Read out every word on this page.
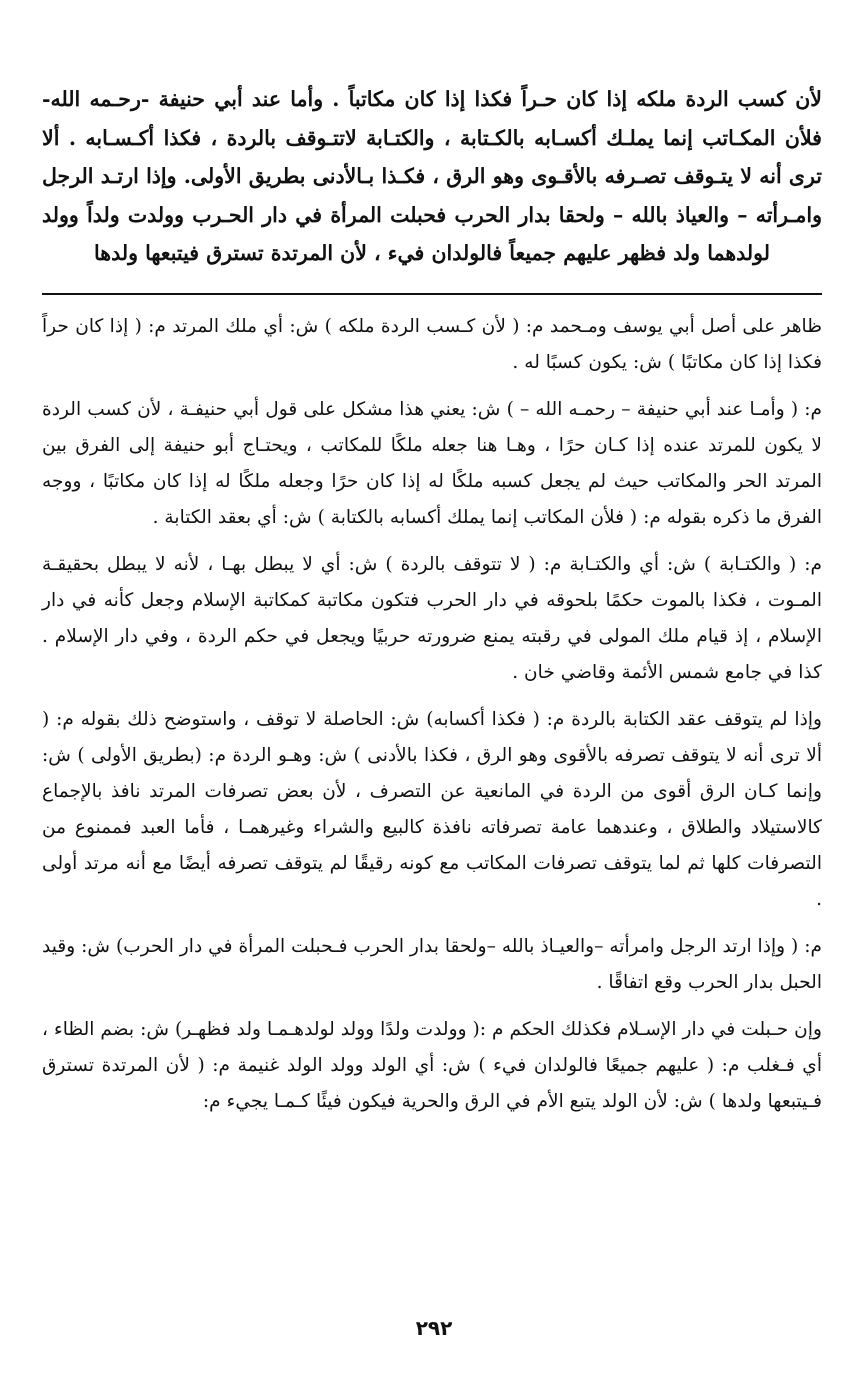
لأن كسب الردة ملكه إذا كان حـراً فكذا إذا كان مكاتباً . وأما عند أبي حنيفة -رحـمه الله- فلأن المكـاتب إنما يملـك أكسـابه بالكـتابة ، والكتـابة لاتتـوقف بالردة ، فكذا أكـسـابه . ألا ترى أنه لا يتـوقف تصـرفه بالأقـوى وهو الرق ، فكـذا بـالأدنى بطريق الأولى. وإذا ارتـد الرجل وامـرأته – والعياذ بالله – ولحقا بدار الحرب فحبلت المرأة في دار الحـرب وولدت ولداً وولد لولدهما ولد فظهر عليهم جميعاً فالولدان فيء ، لأن المرتدة تسترق فيتبعها ولدها

ظاهر على أصل أبي يوسف ومـحمد م: ( لأن كـسب الردة ملكه ) ش: أي ملك المرتد م: ( إذا كان حراً فكذا إذا كان مكاتبًا ) ش: يكون كسبًا له .

م: ( وأمـا عند أبي حنيفة – رحمـه الله – ) ش: يعني هذا مشكل على قول أبي حنيفـة ، لأن كسب الردة لا يكون للمرتد عنده إذا كـان حرًا ، وهـا هنا جعله ملكًا للمكاتب ، ويحتـاج أبو حنيفة إلى الفرق بين المرتد الحر والمكاتب حيث لم يجعل كسبه ملكًا له إذا كان حرًا وجعله ملكًا له إذا كان مكاتبًا ، ووجه الفرق ما ذكره بقوله م: ( فلأن المكاتب إنما يملك أكسابه بالكتابة ) ش: أي بعقد الكتابة .

م: ( والكتـابة ) ش: أي والكتـابة م: ( لا تتوقف بالردة ) ش: أي لا يبطل بهـا ، لأنه لا يبطل بحقيقـة المـوت ، فكذا بالموت حكمًا بلحوقه في دار الحرب فتكون مكاتبة كمكاتبة الإسلام وجعل كأنه في دار الإسلام ، إذ قيام ملك المولى في رقبته يمنع ضرورته حربيًا ويجعل في حكم الردة ، وفي دار الإسلام . كذا في جامع شمس الأئمة وقاضي خان .

وإذا لم يتوقف عقد الكتابة بالردة م: ( فكذا أكسابه) ش: الحاصلة لا توقف ، واستوضح ذلك بقوله م: ( ألا ترى أنه لا يتوقف تصرفه بالأقوى وهو الرق ، فكذا بالأدنى ) ش: وهـو الردة م: (بطريق الأولى ) ش: وإنما كـان الرق أقوى من الردة في المانعية عن التصرف ، لأن بعض تصرفات المرتد نافذ بالإجماع كالاستيلاد والطلاق ، وعندهما عامة تصرفاته نافذة كالبيع والشراء وغيرهمـا ، فأما العبد فممنوع من التصرفات كلها ثم لما يتوقف تصرفات المكاتب مع كونه رقيقًا لم يتوقف تصرفه أيضًا مع أنه مرتد أولى .

م: ( وإذا ارتد الرجل وامرأته –والعيـاذ بالله –ولحقا بدار الحرب فـحبلت المرأة في دار الحرب) ش: وقيد الحبل بدار الحرب وقع اتفاقًا .

وإن حـبلت في دار الإسـلام فكذلك الحكم م :( وولدت ولدًا وولد لولدهـمـا ولد فظهـر) ش: بضم الظاء ، أي فـغلب م: ( عليهم جميعًا فالولدان فيء ) ش: أي الولد وولد الولد غنيمة م: ( لأن المرتدة تسترق فـيتبعها ولدها ) ش: لأن الولد يتبع الأم في الرق والحرية فيكون فيئًا كـمـا يجيء م:

٢٩٢
